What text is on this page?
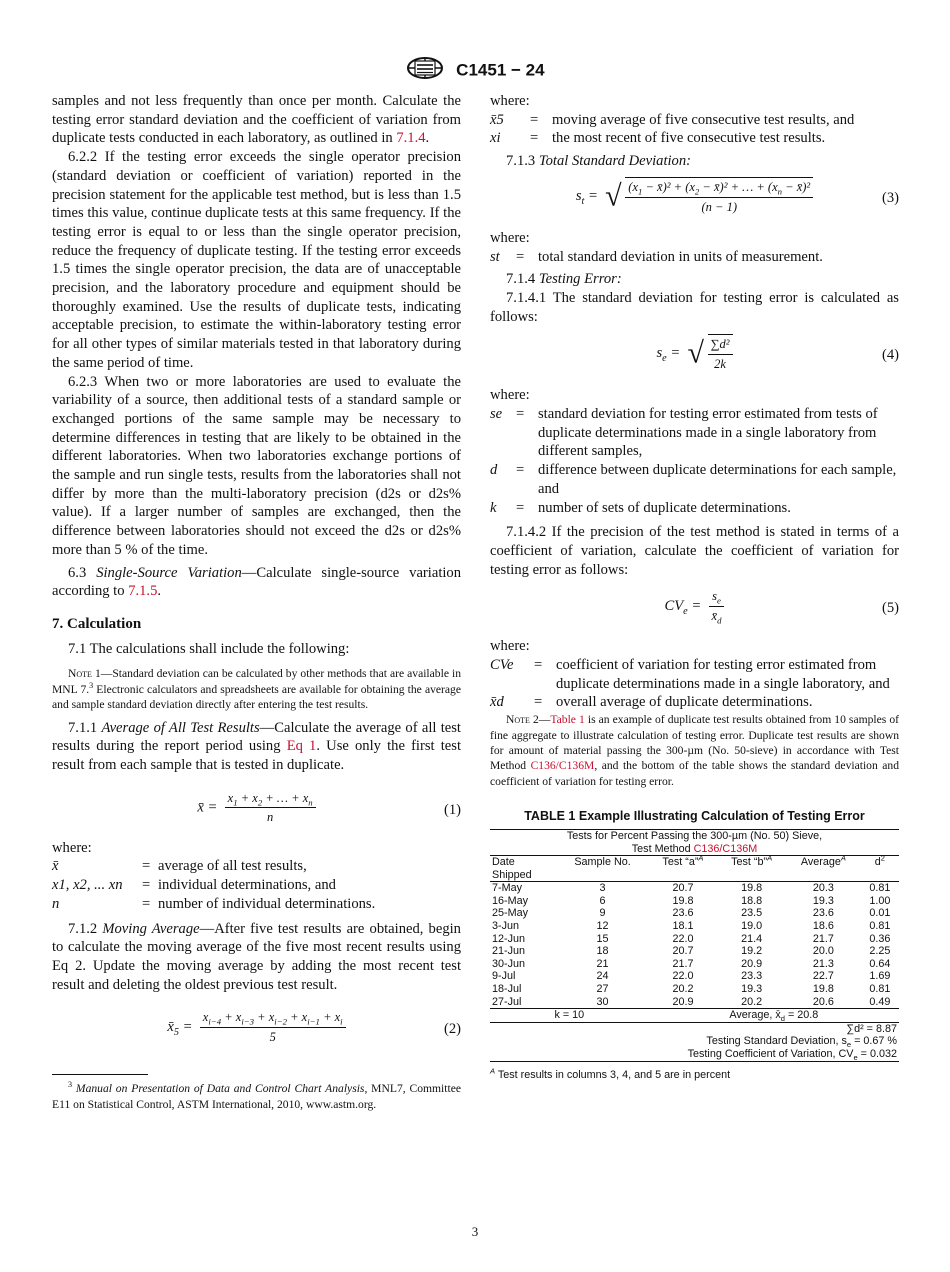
C1451 − 24

samples and not less frequently than once per month. Calculate the testing error standard deviation and the coefficient of variation from duplicate tests conducted in each laboratory, as outlined in 7.1.4.

6.2.2 If the testing error exceeds the single operator precision (standard deviation or coefficient of variation) reported in the precision statement for the applicable test method, but is less than 1.5 times this value, continue duplicate tests at this same frequency. If the testing error is equal to or less than the single operator precision, reduce the frequency of duplicate testing. If the testing error exceeds 1.5 times the single operator precision, the data are of unacceptable precision, and the laboratory procedure and equipment should be thoroughly examined. Use the results of duplicate tests, indicating acceptable precision, to estimate the within-laboratory testing error for all other types of similar materials tested in that laboratory during the same period of time.

6.2.3 When two or more laboratories are used to evaluate the variability of a source, then additional tests of a standard sample or exchanged portions of the same sample may be necessary to determine differences in testing that are likely to be obtained in the different laboratories. When two laboratories exchange portions of the sample and run single tests, results from the laboratories shall not differ by more than the multi-laboratory precision (d2s or d2s% value). If a larger number of samples are exchanged, then the difference between laboratories should not exceed the d2s or d2s% more than 5 % of the time.

6.3 Single-Source Variation—Calculate single-source variation according to 7.1.5.

7. Calculation

7.1 The calculations shall include the following:

Note 1—Standard deviation can be calculated by other methods that are available in MNL 7.$^3$ Electronic calculators and spreadsheets are available for obtaining the average and sample standard deviation directly after entering the test results.

7.1.1 Average of All Test Results—Calculate the average of all test results during the report period using Eq 1. Use only the first test result from each sample that is tested in duplicate.

x̄ = $\frac{x_1 + x_2 + \dots + x_n}{n}$	(1)

where:

x̄	= average of all test results,
x1, x2, ... xn	= individual determinations, and
n	= number of individual determinations.

7.1.2 Moving Average—After five test results are obtained, begin to calculate the moving average of the five most recent results using Eq 2. Update the moving average by adding the most recent test result and deleting the oldest previous test result.

$x̄_5 = \frac{x_{i-4} + x_{i-3} + x_{i-2} + x_{i-1} + x_i}{5}$	(2)
$^3$ Manual on Presentation of Data and Control Chart Analysis, MNL7, Committee E11 on Statistical Control, ASTM International, 2010, www.astm.org.

where:

x̄5	= moving average of five consecutive test results, and
xi	= the most recent of five consecutive test results.

7.1.3 Total Standard Deviation:

$s_t$ =  √ $\frac{(x_1 - x̄)^2 + (x_2 - x̄)^2 + \dots + (x_n - x̄)^2}{(n - 1)}$	(3)

where:

st	= total standard deviation in units of measurement.

7.1.4 Testing Error:

7.1.4.1 The standard deviation for testing error is calculated as follows:

$s_e$ =  √ $\frac{\text{∑d²}}{2k}$	(4)

where:

se = standard deviation for testing error estimated from tests of duplicate determinations made in a single laboratory from different samples,
d	= difference between duplicate determinations for each sample, and
k	= number of sets of duplicate determinations.

7.1.4.2 If the precision of the test method is stated in terms of a coefficient of variation, calculate the coefficient of variation for testing error as follows:

$CV_e = \frac{s_e}{x̄_d}$	(5)

where:

CVe	= coefficient of variation for testing error estimated from duplicate determinations made in a single laboratory, and
x̄d	= overall average of duplicate determinations.
Note 2—Table 1 is an example of duplicate test results obtained from 10 samples of fine aggregate to illustrate calculation of testing error. Duplicate test results are shown for amount of material passing the 300-µm (No. 50-sieve) in accordance with Test Method C136/C136M, and the bottom of the table shows the standard deviation and coefficient of variation for testing error.
TABLE 1 Example Illustrating Calculation of Testing Error
Tests for Percent Passing the 300-µm (No. 50) Sieve,
Test Method C136/C136M					
Date
Shipped	Sample No.	Test “a”$^A$	Test “b”$^A$	Average$^A$	$d^2$
7-May	3	20.7	19.8	20.3	0.81
16-May	6	19.8	18.8	19.3	1.00
25-May	9	23.6	23.5	23.6	0.01
3-Jun	12	18.1	19.0	18.6	0.81
12-Jun	15	22.0	21.4	21.7	0.36
21-Jun	18	20.7	19.2	20.0	2.25
30-Jun	21	21.7	20.9	21.3	0.64
9-Jul	24	22.0	23.3	22.7	1.69
18-Jul	27	20.2	19.3	19.8	0.81
27-Jul	30	20.9	20.2	20.6	0.49
k = 10		Average, $x̄_d = 20.8$			
∑d² = 8.87					
Testing Standard Deviation, $s_e = 0.67$ %					
Testing Coefficient of Variation, $CV_e = 0.032$					
$^A$ Test results in columns 3, 4, and 5 are in percent
3
